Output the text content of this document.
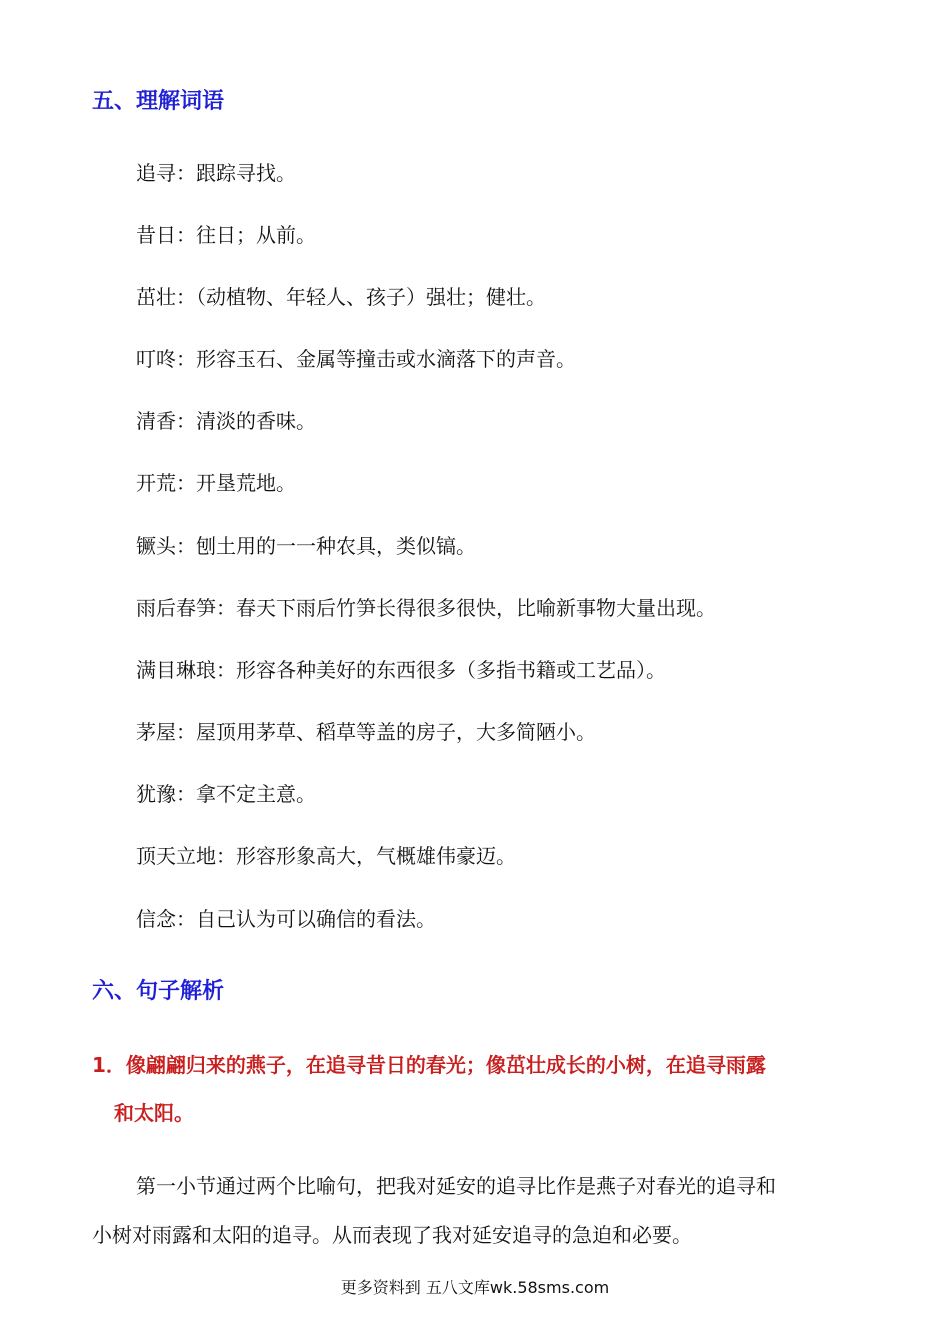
五、理解词语
追寻：跟踪寻找。
昔日：往日；从前。
茁壮：（动植物、年轻人、孩子）强壮；健壮。
叮咚：形容玉石、金属等撞击或水滴落下的声音。
清香：清淡的香味。
开荒：开垦荒地。
镢头：刨土用的一一种农具，类似镐。
雨后春笋：春天下雨后竹笋长得很多很快，比喻新事物大量出现。
满目琳琅：形容各种美好的东西很多（多指书籍或工艺品）。
茅屋：屋顶用茅草、稻草等盖的房子，大多简陋小。
犹豫：拿不定主意。
顶天立地：形容形象高大，气概雄伟豪迈。
信念：自己认为可以确信的看法。
六、句子解析
1．像翩翩归来的燕子，在追寻昔日的春光；像茁壮成长的小树，在追寻雨露
和太阳。
第一小节通过两个比喻句，把我对延安的追寻比作是燕子对春光的追寻和
小树对雨露和太阳的追寻。从而表现了我对延安追寻的急迫和必要。
更多资料到 五八文库wk.58sms.com
